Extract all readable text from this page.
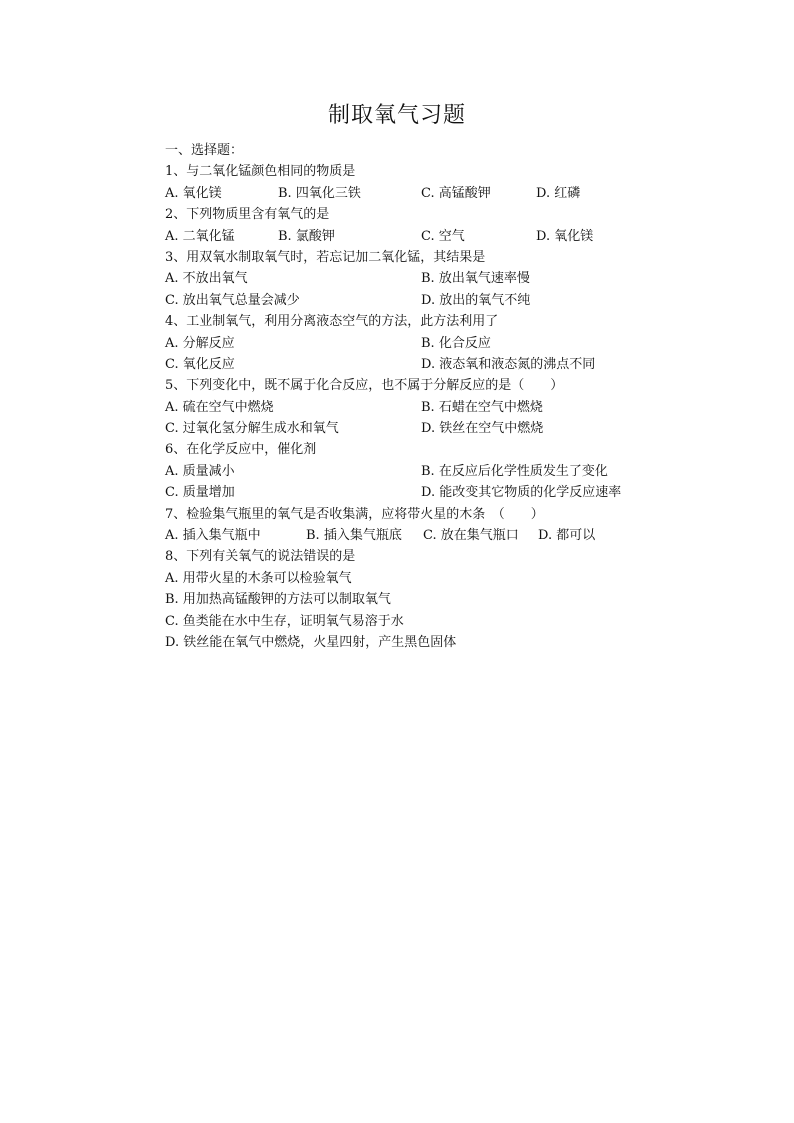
制取氧气习题
一、选择题：
1、与二氧化锰颜色相同的物质是
A. 氧化镁	B. 四氧化三铁	C. 高锰酸钾	D. 红磷
2、下列物质里含有氧气的是
A. 二氧化锰	B. 氯酸钾	C. 空气	D. 氧化镁
3、用双氧水制取氧气时，若忘记加二氧化锰，其结果是
A. 不放出氧气	B. 放出氧气速率慢
C. 放出氧气总量会减少	D. 放出的氧气不纯
4、工业制氧气，利用分离液态空气的方法，此方法利用了
A. 分解反应	B. 化合反应
C. 氧化反应	D. 液态氧和液态氮的沸点不同
5、下列变化中，既不属于化合反应，也不属于分解反应的是（　　）
A. 硫在空气中燃烧	B. 石蜡在空气中燃烧
C. 过氧化氢分解生成水和氧气	D. 铁丝在空气中燃烧
6、在化学反应中，催化剂
A. 质量减小	B. 在反应后化学性质发生了变化
C. 质量增加	D. 能改变其它物质的化学反应速率
7、检验集气瓶里的氧气是否收集满，应将带火星的木条　（　　）
A. 插入集气瓶中	B. 插入集气瓶底 C. 放在集气瓶口 D. 都可以
8、下列有关氧气的说法错误的是
A. 用带火星的木条可以检验氧气
B. 用加热高锰酸钾的方法可以制取氧气
C. 鱼类能在水中生存，证明氧气易溶于水
D. 铁丝能在氧气中燃烧，火星四射，产生黑色固体
